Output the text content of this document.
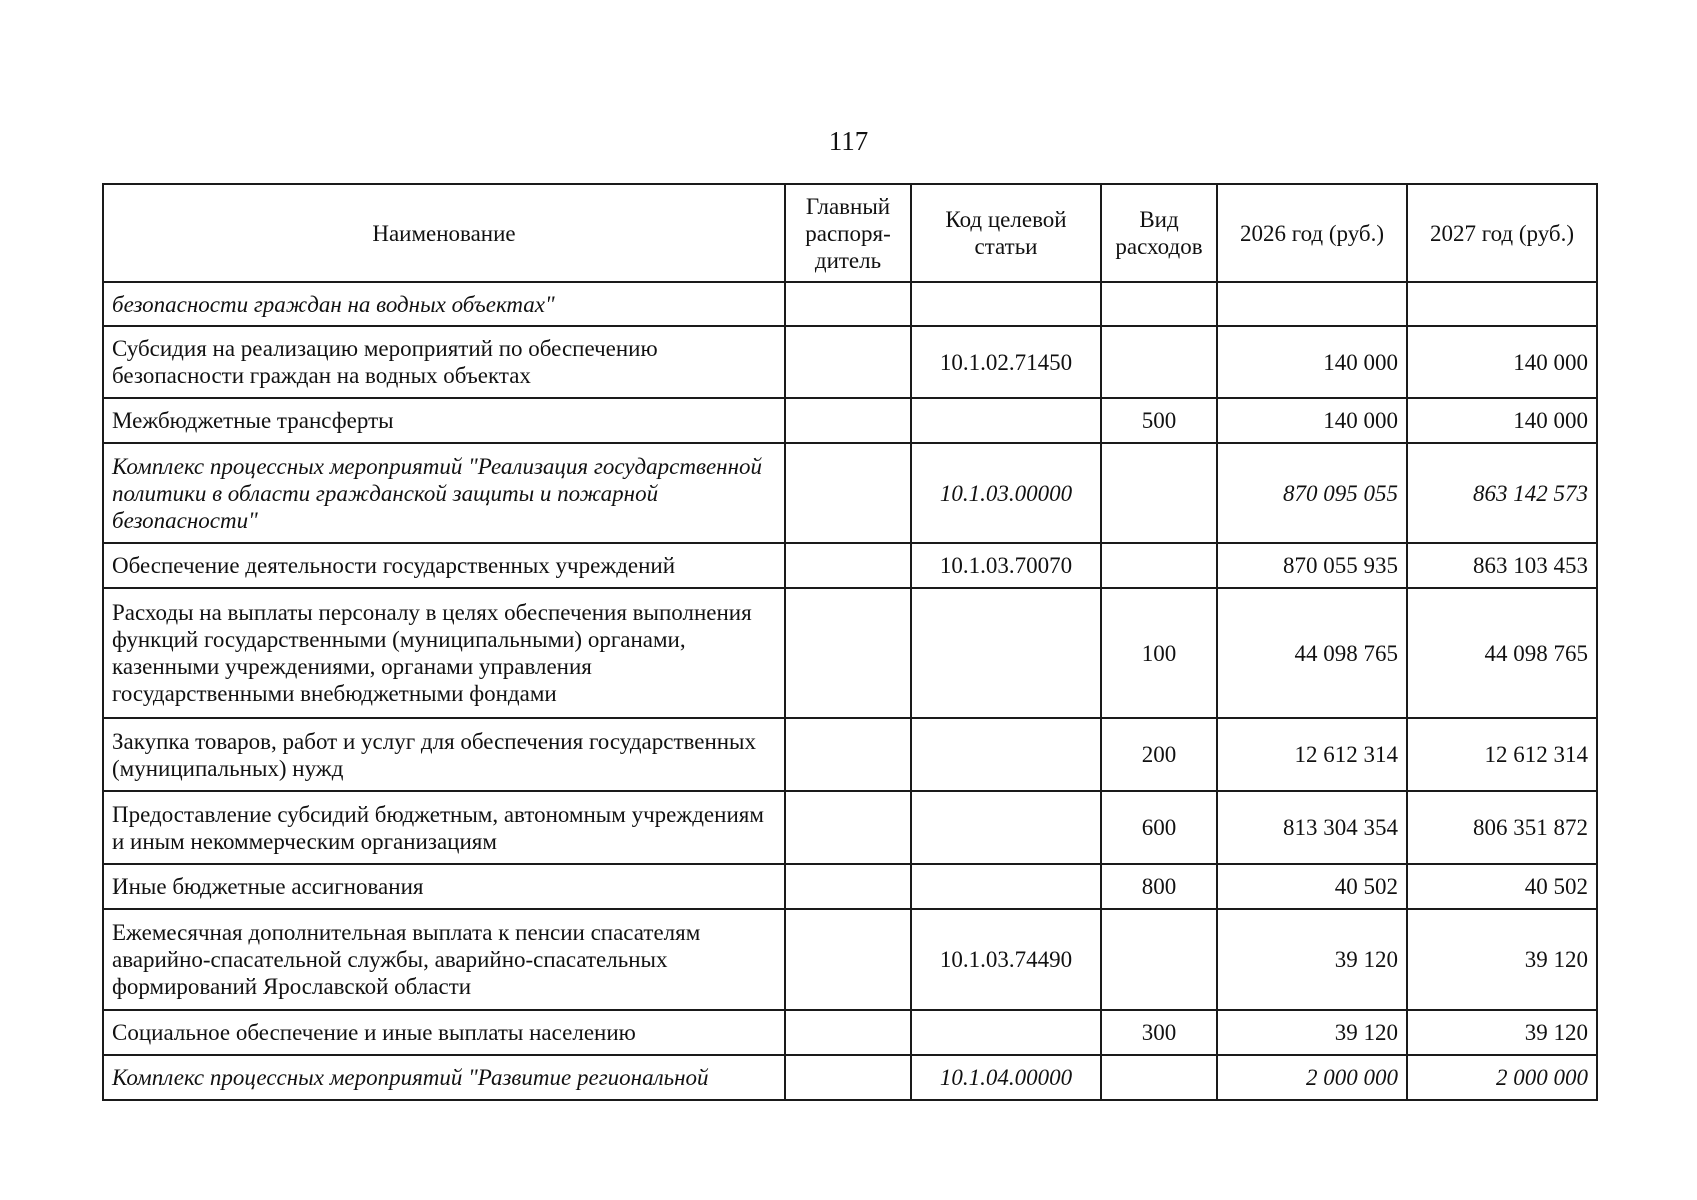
117
Наименование	Главный распоря-дитель	Код целевой статьи	Вид расходов	2026 год (руб.)	2027 год (руб.)
безопасности граждан на водных объектах"					
Субсидия на реализацию мероприятий по обеспечению безопасности граждан на водных объектах		10.1.02.71450		140 000	140 000
Межбюджетные трансферты			500	140 000	140 000
Комплекс процессных мероприятий "Реализация государственной политики в области гражданской защиты и пожарной безопасности"		10.1.03.00000		870 095 055	863 142 573
Обеспечение деятельности государственных учреждений		10.1.03.70070		870 055 935	863 103 453
Расходы на выплаты персоналу в целях обеспечения выполнения функций государственными (муниципальными) органами, казенными учреждениями, органами управления государственными внебюджетными фондами			100	44 098 765	44 098 765
Закупка товаров, работ и услуг для обеспечения государственных (муниципальных) нужд			200	12 612 314	12 612 314
Предоставление субсидий бюджетным, автономным учреждениям и иным некоммерческим организациям			600	813 304 354	806 351 872
Иные бюджетные ассигнования			800	40 502	40 502
Ежемесячная дополнительная выплата к пенсии спасателям аварийно-спасательной службы, аварийно-спасательных формирований Ярославской области		10.1.03.74490		39 120	39 120
Социальное обеспечение и иные выплаты населению			300	39 120	39 120
Комплекс процессных мероприятий "Развитие региональной		10.1.04.00000		2 000 000	2 000 000
